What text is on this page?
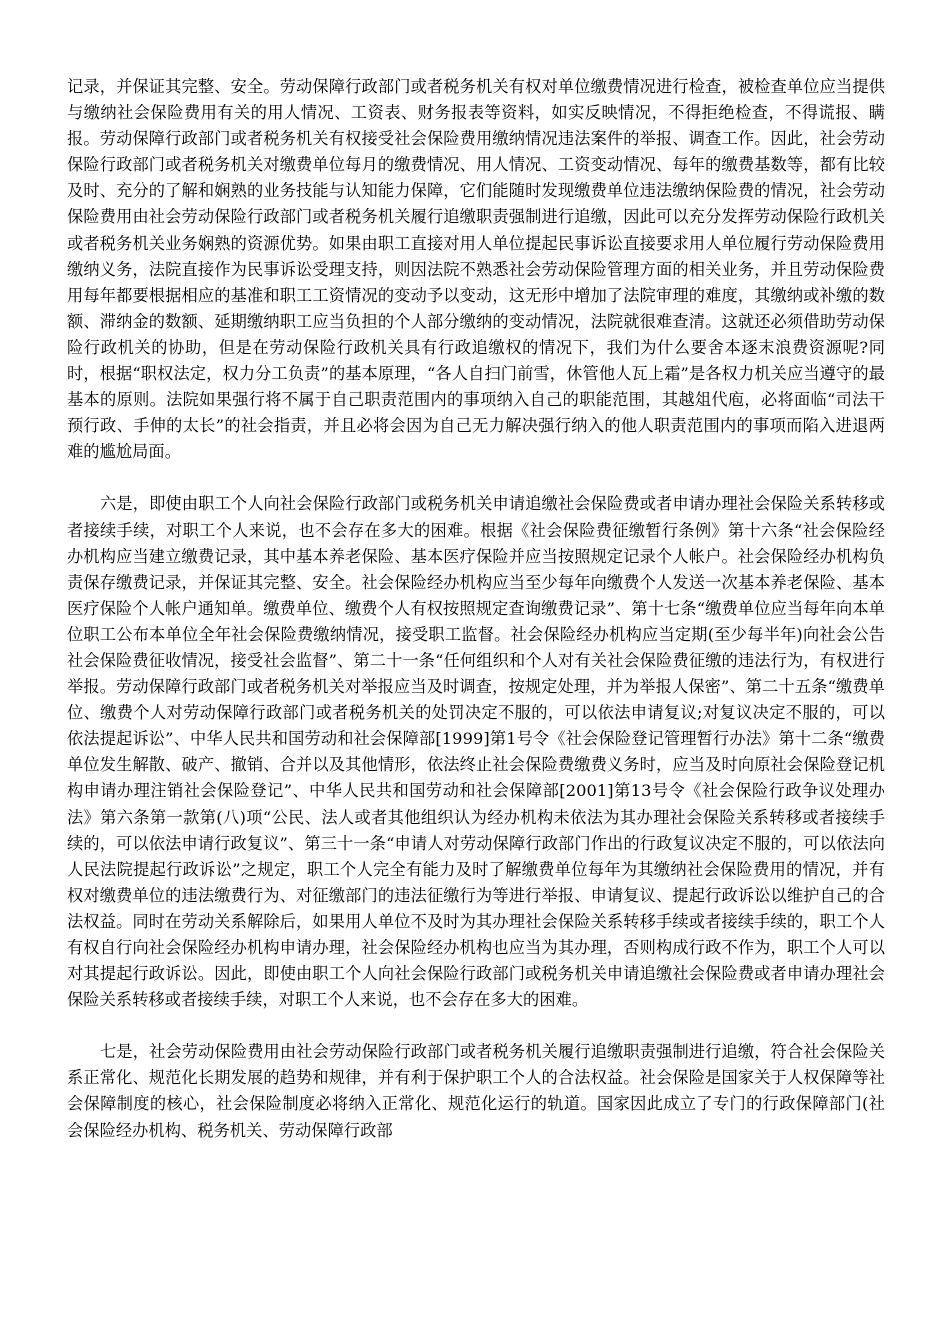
记录，并保证其完整、安全。劳动保障行政部门或者税务机关有权对单位缴费情况进行检查，被检查单位应当提供与缴纳社会保险费用有关的用人情况、工资表、财务报表等资料，如实反映情况，不得拒绝检查，不得谎报、瞒报。劳动保障行政部门或者税务机关有权接受社会保险费用缴纳情况违法案件的举报、调查工作。因此，社会劳动保险行政部门或者税务机关对缴费单位每月的缴费情况、用人情况、工资变动情况、每年的缴费基数等，都有比较及时、充分的了解和娴熟的业务技能与认知能力保障，它们能随时发现缴费单位违法缴纳保险费的情况，社会劳动保险费用由社会劳动保险行政部门或者税务机关履行追缴职责强制进行追缴，因此可以充分发挥劳动保险行政机关或者税务机关业务娴熟的资源优势。如果由职工直接对用人单位提起民事诉讼直接要求用人单位履行劳动保险费用缴纳义务，法院直接作为民事诉讼受理支持，则因法院不熟悉社会劳动保险管理方面的相关业务，并且劳动保险费用每年都要根据相应的基准和职工工资情况的变动予以变动，这无形中增加了法院审理的难度，其缴纳或补缴的数额、滞纳金的数额、延期缴纳职工应当负担的个人部分缴纳的变动情况，法院就很难查清。这就还必须借助劳动保险行政机关的协助，但是在劳动保险行政机关具有行政追缴权的情况下，我们为什么要舍本逐末浪费资源呢?同时，根据“职权法定，权力分工负责”的基本原理，“各人自扫门前雪，休管他人瓦上霜”是各权力机关应当遵守的最基本的原则。法院如果强行将不属于自己职责范围内的事项纳入自己的职能范围，其越俎代庖，必将面临“司法干预行政、手伸的太长”的社会指责，并且必将会因为自己无力解决强行纳入的他人职责范围内的事项而陷入进退两难的尴尬局面。

六是，即使由职工个人向社会保险行政部门或税务机关申请追缴社会保险费或者申请办理社会保险关系转移或者接续手续，对职工个人来说，也不会存在多大的困难。根据《社会保险费征缴暂行条例》第十六条“社会保险经办机构应当建立缴费记录，其中基本养老保险、基本医疗保险并应当按照规定记录个人帐户。社会保险经办机构负责保存缴费记录，并保证其完整、安全。社会保险经办机构应当至少每年向缴费个人发送一次基本养老保险、基本医疗保险个人帐户通知单。缴费单位、缴费个人有权按照规定查询缴费记录”、第十七条“缴费单位应当每年向本单位职工公布本单位全年社会保险费缴纳情况，接受职工监督。社会保险经办机构应当定期(至少每半年)向社会公告社会保险费征收情况，接受社会监督”、第二十一条“任何组织和个人对有关社会保险费征缴的违法行为，有权进行举报。劳动保障行政部门或者税务机关对举报应当及时调查，按规定处理，并为举报人保密”、第二十五条“缴费单位、缴费个人对劳动保障行政部门或者税务机关的处罚决定不服的，可以依法申请复议;对复议决定不服的，可以依法提起诉讼”、中华人民共和国劳动和社会保障部[1999]第1号令《社会保险登记管理暂行办法》第十二条“缴费单位发生解散、破产、撤销、合并以及其他情形，依法终止社会保险费缴费义务时，应当及时向原社会保险登记机构申请办理注销社会保险登记”、中华人民共和国劳动和社会保障部[2001]第13号令《社会保险行政争议处理办法》第六条第一款第(八)项“公民、法人或者其他组织认为经办机构未依法为其办理社会保险关系转移或者接续手续的，可以依法申请行政复议”、第三十一条“申请人对劳动保障行政部门作出的行政复议决定不服的，可以依法向人民法院提起行政诉讼”之规定，职工个人完全有能力及时了解缴费单位每年为其缴纳社会保险费用的情况，并有权对缴费单位的违法缴费行为、对征缴部门的违法征缴行为等进行举报、申请复议、提起行政诉讼以维护自己的合法权益。同时在劳动关系解除后，如果用人单位不及时为其办理社会保险关系转移手续或者接续手续的，职工个人有权自行向社会保险经办机构申请办理，社会保险经办机构也应当为其办理，否则构成行政不作为，职工个人可以对其提起行政诉讼。因此，即使由职工个人向社会保险行政部门或税务机关申请追缴社会保险费或者申请办理社会保险关系转移或者接续手续，对职工个人来说，也不会存在多大的困难。

七是，社会劳动保险费用由社会劳动保险行政部门或者税务机关履行追缴职责强制进行追缴，符合社会保险关系正常化、规范化长期发展的趋势和规律，并有利于保护职工个人的合法权益。社会保险是国家关于人权保障等社会保障制度的核心，社会保险制度必将纳入正常化、规范化运行的轨道。国家因此成立了专门的行政保障部门(社会保险经办机构、税务机关、劳动保障行政部
